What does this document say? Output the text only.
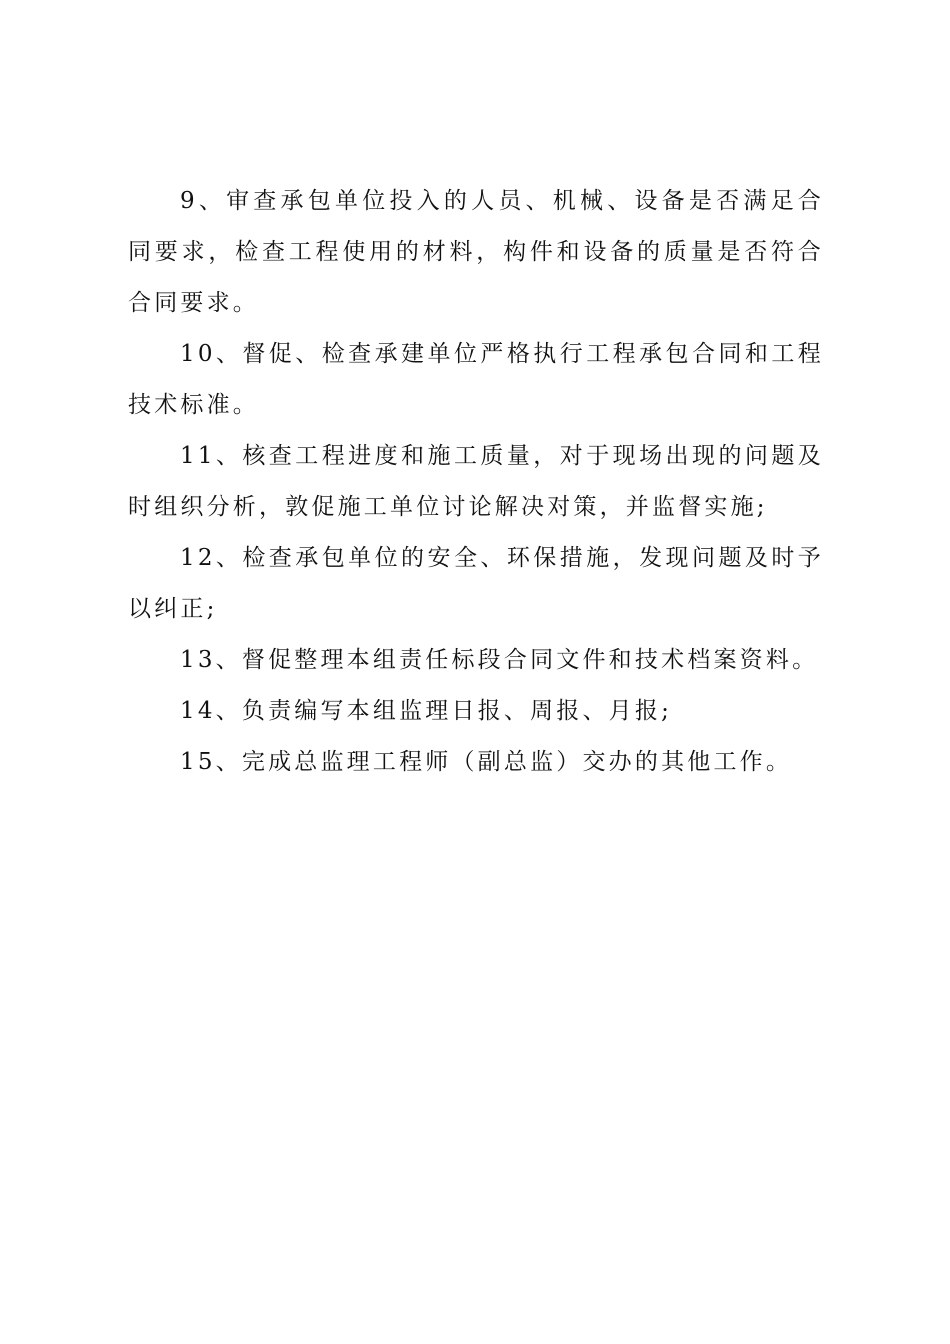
9、审查承包单位投入的人员、机械、设备是否满足合同要求，检查工程使用的材料，构件和设备的质量是否符合合同要求。

10、督促、检查承建单位严格执行工程承包合同和工程技术标准。

11、核查工程进度和施工质量，对于现场出现的问题及时组织分析，敦促施工单位讨论解决对策，并监督实施;

12、检查承包单位的安全、环保措施，发现问题及时予以纠正;

13、督促整理本组责任标段合同文件和技术档案资料。

14、负责编写本组监理日报、周报、月报;

15、完成总监理工程师（副总监）交办的其他工作。
